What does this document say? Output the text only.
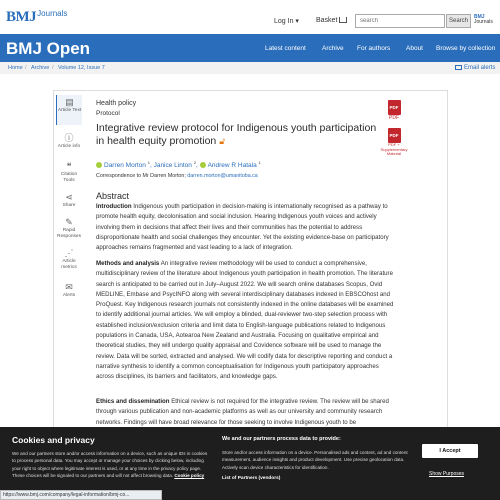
BMJ Journals
Log In ▾ Basket
search	Search
BMJ
Journals
BMJ Open	Latest content Archive For authors About Browse by collection
Home / Archive / Volume 12, Issue 7	Email alerts
▤
Article Text
ⓘ
Article info
❝
Citation Tools
⋖
Share
✎
Rapid Responses
⋰
Article metrics
✉
Alerts
Health policy
Protocol
Integrative review protocol for Indigenous youth participation in health equity promotion 🔓︎
Darren Morton $^1$, Janice Linton $^2$, Andrew R Hatala $^1$
Correspondence to Mr Darren Morton; darren.morton@umanitoba.ca
PDF
PDF
PDF
PDF + Supplementary Material
Abstract
Introduction Indigenous youth participation in decision-making is internationally recognised as a pathway to promote health equity, decolonisation and social inclusion. Hearing Indigenous youth voices and actively involving them in decisions that affect their lives and their communities has the potential to address disproportionate health and social challenges they encounter. Yet the existing evidence-base on participatory approaches remains fragmented and vast leading to a lack of integration.
Methods and analysis An integrative review methodology will be used to conduct a comprehensive, multidisciplinary review of the literature about Indigenous youth participation in health promotion. The literature search is anticipated to be carried out in July–August 2022. We will search online databases Scopus, Ovid MEDLINE, Embase and PsycINFO along with several interdisciplinary databases indexed in EBSCOhost and ProQuest. Key Indigenous research journals not consistently indexed in the online databases will be examined to identify additional journal articles. We will employ a blinded, dual-reviewer two-step selection process with established inclusion/exclusion criteria and limit data to English-language publications related to Indigenous populations in Canada, USA, Aotearoa New Zealand and Australia. Focusing on qualitative empirical and theoretical studies, they will undergo quality appraisal and Covidence software will be used to manage the review. Data will be sorted, extracted and analysed. We will codify data for descriptive reporting and conduct a narrative synthesis to identify a common conceptualisation for Indigenous youth participatory approaches across disciplines, its barriers and facilitators, and knowledge gaps.
Ethics and dissemination Ethical review is not required for the integrative review. The review will be shared through various publication and non-academic platforms as well as our university and community research networks. Findings will have broad relevance for those seeking to involve Indigenous youth to be
Cookies and privacy
We and our partners store and/or access information on a device, such as unique IDs in cookies to process personal data. You may accept or manage your choices by clicking below, including your right to object where legitimate interest is used, or at any time in the privacy policy page. These choices will be signaled to our partners and will not affect browsing data. Cookie policy
We and our partners process data to provide:
Store and/or access information on a device. Personalised ads and content, ad and content measurement, audience insights and product development. Use precise geolocation data. Actively scan device characteristics for identification.
List of Partners (vendors)
I Accept
Show Purposes
https://www.bmj.com/company/legal-information/bmj-co...
